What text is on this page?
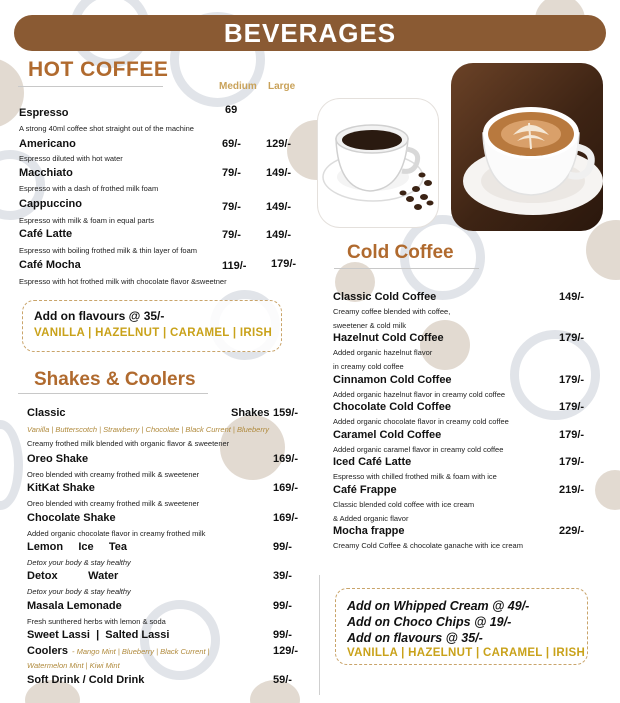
BEVERAGES
HOT COFFEE
Medium Large
Espresso	69
A strong 40ml coffee shot straight out of the machine
Americano	69/- 129/-
Espresso diluted with hot water
Macchiato	79/- 149/-
Espresso with a dash of frothed milk foam
Cappuccino	79/- 149/-
Espresso with milk & foam in equal parts
Café Latte	79/- 149/-
Espresso with boiling frothed milk & thin layer of foam
Café Mocha	119/- 179/-
Espresso with hot frothed milk with chocolate flavor &sweetner
Add on flavours @ 35/-
VANILLA | HAZELNUT | CARAMEL | IRISH
Shakes & Coolers
Classic	Shakes 159/-
Vanilla | Butterscotch | Strawberry | Chocolate | Black Current | Blueberry
Creamy frothed milk blended with organic flavor & sweetener
Oreo Shake	169/-
Oreo blended with creamy frothed milk & sweetener
KitKat Shake	169/-
Oreo blended with creamy frothed milk & sweetener
Chocolate Shake	169/-
Added organic chocolate flavor in creamy frothed milk
Lemon     Ice     Tea	99/-
Detox your body & stay healthy
Detox          Water	39/-
Detox your body & stay healthy
Masala Lemonade	99/-
Fresh sunthered herbs with lemon & soda
Sweet Lassi  |  Salted Lassi	99/-
Coolers - Mango Mint | Blueberry | Black Current |	129/-
Watermelon Mint | Kiwi Mint
Soft Drink / Cold Drink	59/-
Cold Coffee
Classic Cold Coffee	149/-
Creamy coffee blended with coffee,
sweetener & cold milk
Hazelnut Cold Coffee	179/-
Added organic hazelnut flavor
in creamy cold coffee
Cinnamon Cold Coffee	179/-
Added organic hazelnut flavor in creamy cold coffee
Chocolate Cold Coffee	179/-
Added organic chocolate flavor in creamy cold coffee
Caramel Cold Coffee	179/-
Added organic caramel flavor in creamy cold coffee
Iced Café Latte	179/-
Espresso with chilled frothed milk & foam with ice
Café Frappe	219/-
Classic blended cold coffee with ice cream
& Added organic flavor
Mocha frappe	229/-
Creamy Cold Coffee & chocolate ganache with ice cream
Add on Whipped Cream @ 49/-
Add on Choco Chips @ 19/-
Add on flavours @ 35/-
VANILLA | HAZELNUT | CARAMEL | IRISH
